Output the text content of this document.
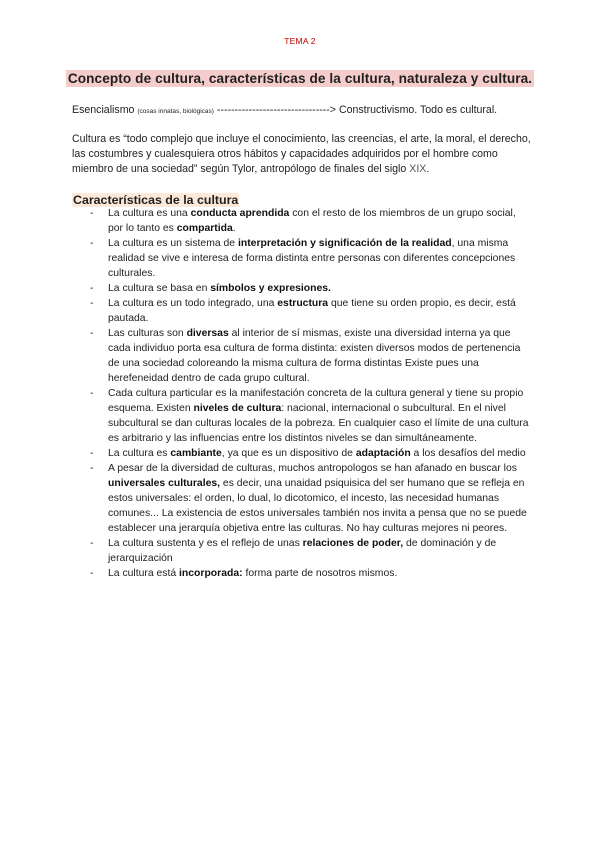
TEMA 2
Concepto de cultura, características de la cultura, naturaleza y cultura.
Esencialismo (cosas innatas, biológicas) --------------------------------> Constructivismo. Todo es cultural.
Cultura es “todo complejo que incluye el conocimiento, las creencias, el arte, la moral, el derecho, las costumbres y cualesquiera otros hábitos y capacidades adquiridos por el hombre como miembro de una sociedad” según Tylor, antropólogo de finales del siglo XIX.
Características de la cultura
- La cultura es una conducta aprendida con el resto de los miembros de un grupo social, por lo tanto es compartida.
- La cultura es un sistema de interpretación y significación de la realidad, una misma realidad se vive e interesa de forma distinta entre personas con diferentes concepciones culturales.
- La cultura se basa en símbolos y expresiones.
- La cultura es un todo integrado, una estructura que tiene su orden propio, es decir, está pautada.
- Las culturas son diversas al interior de sí mismas, existe una diversidad interna ya que cada individuo porta esa cultura de forma distinta: existen diversos modos de pertenencia de una sociedad coloreando la misma cultura de forma distintas Existe pues una herefeneidad dentro de cada grupo cultural.
- Cada cultura particular es la manifestación concreta de la cultura general y tiene su propio esquema. Existen niveles de cultura: nacional, internacional o subcultural. En el nivel subcultural se dan culturas locales de la pobreza. En cualquier caso el límite de una cultura es arbitrario y las influencias entre los distintos niveles se dan simultáneamente.
- La cultura es cambiante, ya que es un dispositivo de adaptación a los desafíos del medio
- A pesar de la diversidad de culturas, muchos antropologos se han afanado en buscar los universales culturales, es decir, una unaidad psiquisica del ser humano que se refleja en estos universales: el orden, lo dual, lo dicotomico, el incesto, las necesidad humanas comunes... La existencia de estos universales también nos invita a pensa que no se puede establecer una jerarquía objetiva entre las culturas. No hay culturas mejores ni peores.
- La cultura sustenta y es el reflejo de unas relaciones de poder, de dominación y de jerarquización
- La cultura está incorporada: forma parte de nosotros mismos.
